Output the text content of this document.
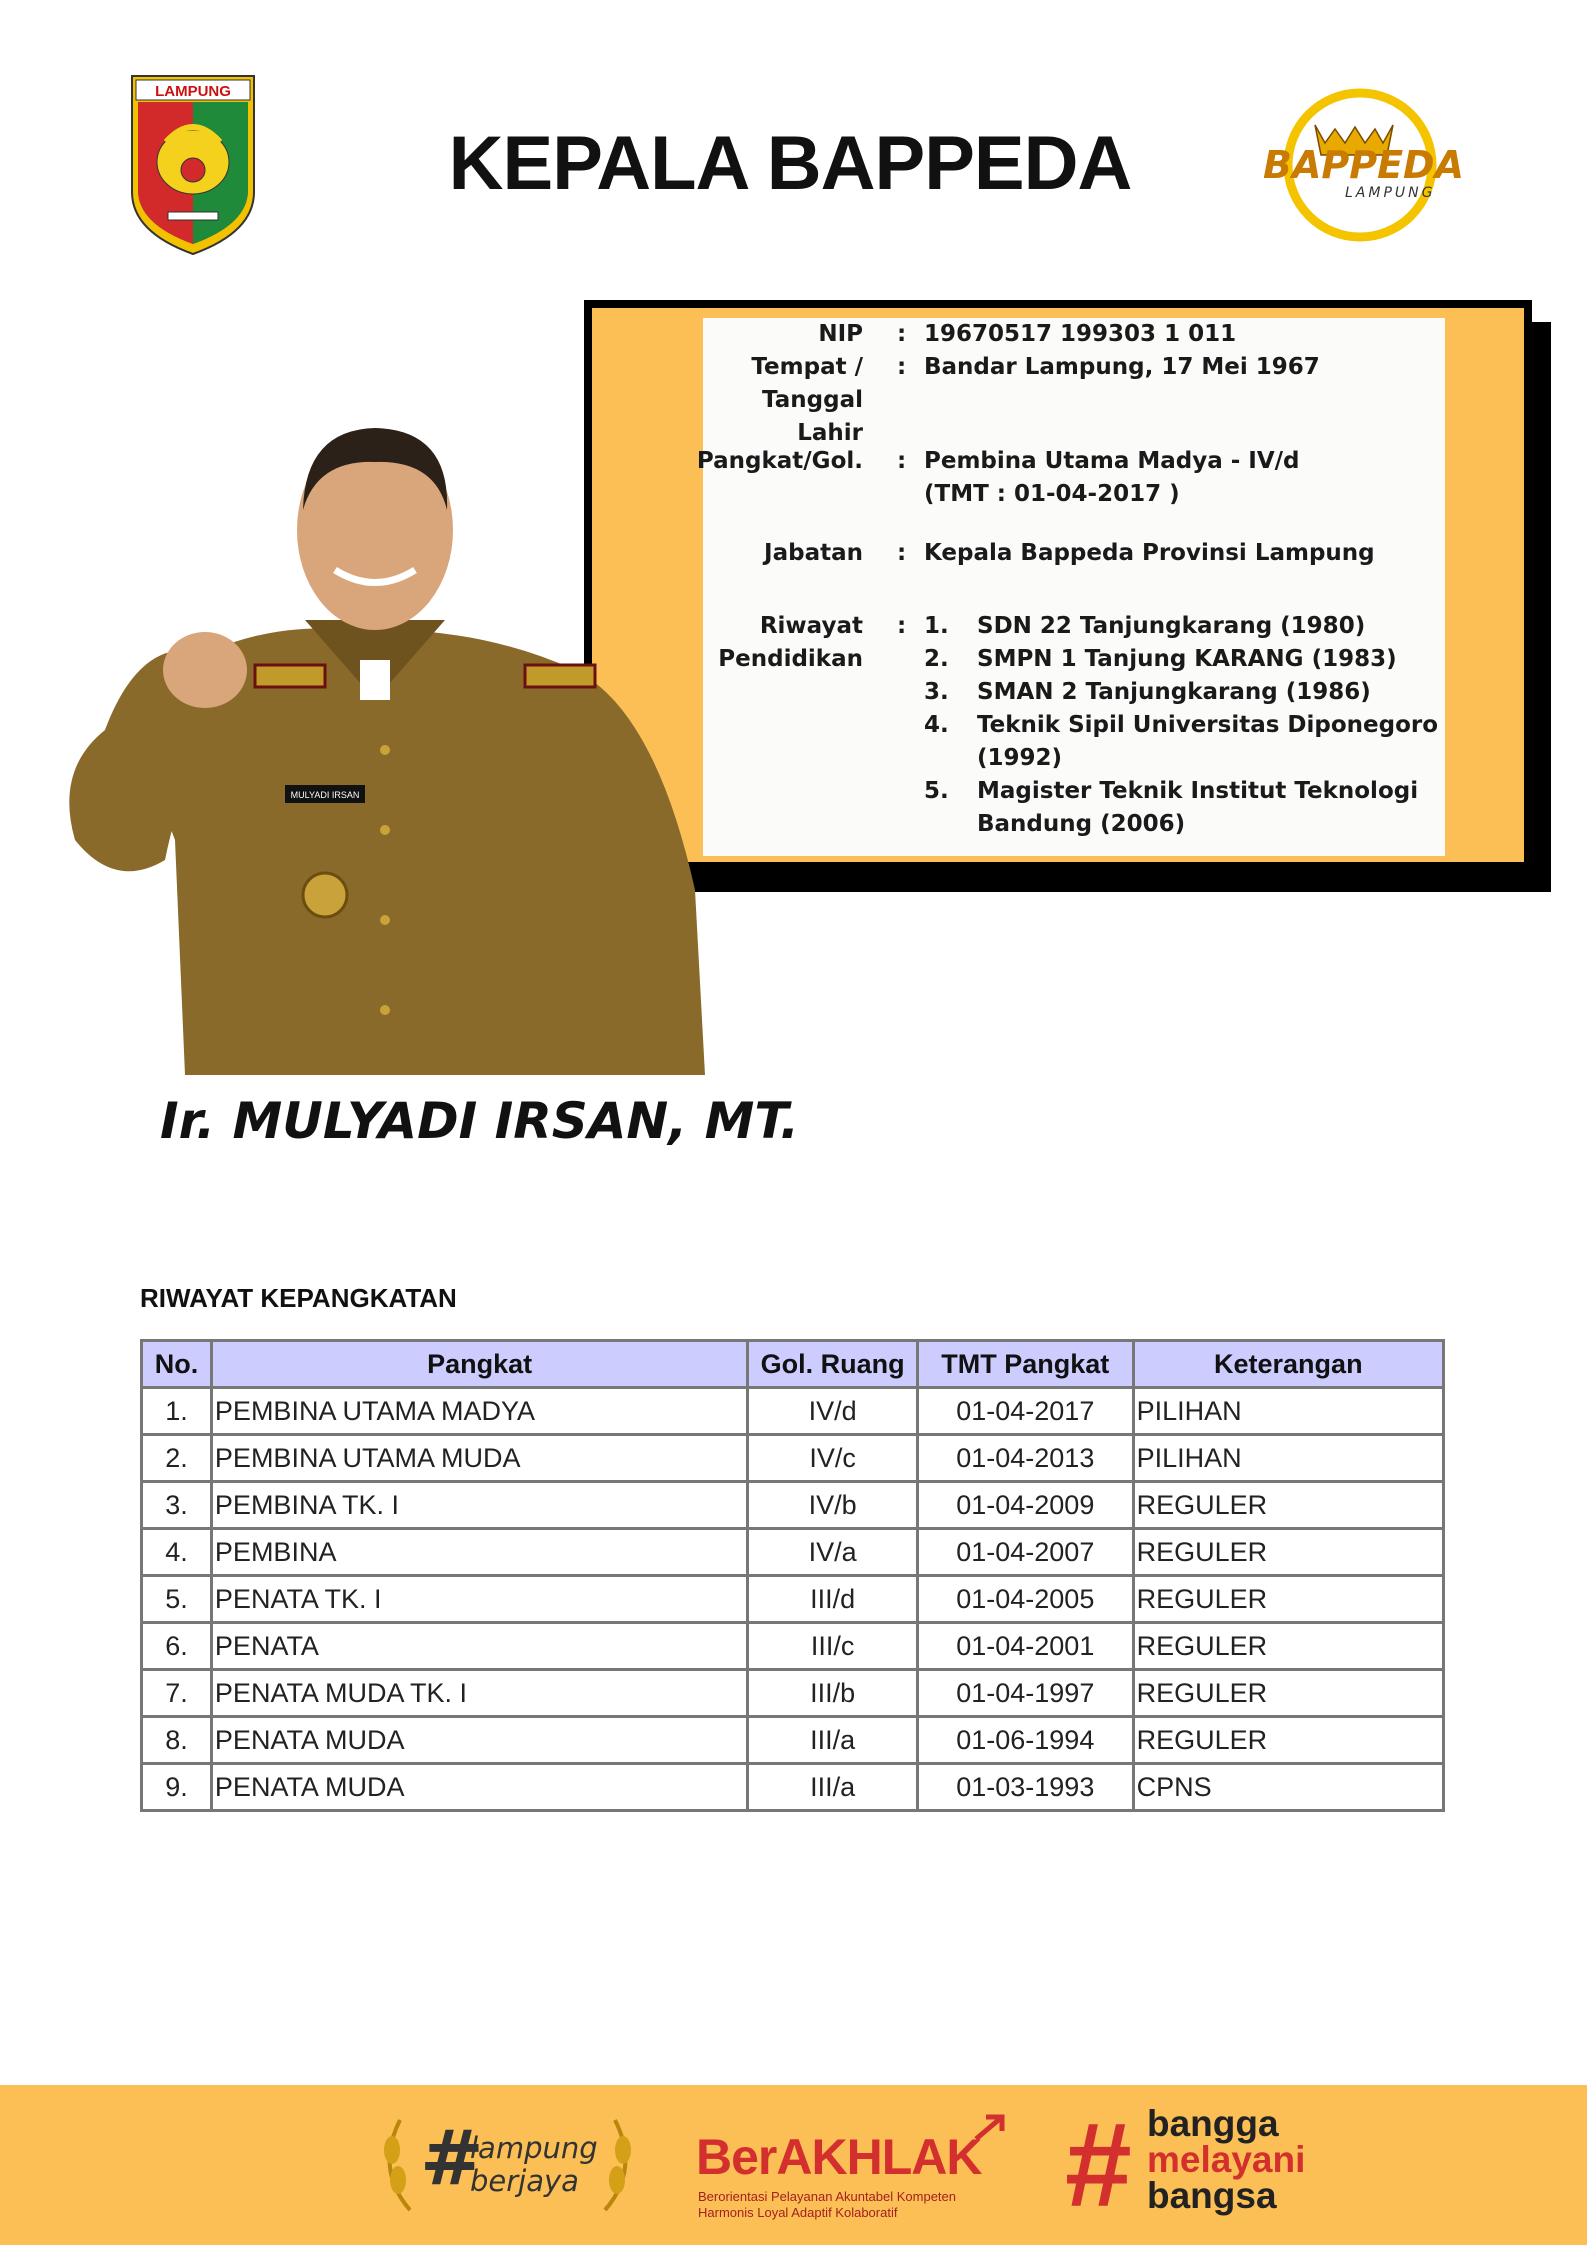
LAMPUNG
KEPALA BAPPEDA	BAPPEDA
LAMPUNG
NIP : 19670517 199303 1 011
Tempat /
Tanggal Lahir
: Bandar Lampung, 17 Mei 1967
Pangkat/Gol. : Pembina Utama Madya - IV/d
(TMT : 01-04-2017 )
Jabatan : Kepala Bappeda Provinsi Lampung
Riwayat
Pendidikan
: 1. SDN 22 Tanjungkarang (1980)
2. SMPN 1 Tanjung KARANG (1983)
3. SMAN 2 Tanjungkarang (1986)
4. Teknik Sipil Universitas Diponegoro (1992)
5. Magister Teknik Institut Teknologi Bandung (2006)
MULYADI IRSAN
Ir. MULYADI IRSAN, MT.
RIWAYAT KEPANGKATAN
No.	Pangkat	Gol. Ruang	TMT Pangkat	Keterangan
1.	PEMBINA UTAMA MADYA	IV/d	01-04-2017	PILIHAN
2.	PEMBINA UTAMA MUDA	IV/c	01-04-2013	PILIHAN
3.	PEMBINA TK. I	IV/b	01-04-2009	REGULER
4.	PEMBINA	IV/a	01-04-2007	REGULER
5.	PENATA TK. I	III/d	01-04-2005	REGULER
6.	PENATA	III/c	01-04-2001	REGULER
7.	PENATA MUDA TK. I	III/b	01-04-1997	REGULER
8.	PENATA MUDA	III/a	01-06-1994	REGULER
9.	PENATA MUDA	III/a	01-03-1993	CPNS
#
lampung
berjaya BerAKHLAK
Berorientasi Pelayanan Akuntabel Kompeten
Harmonis Loyal Adaptif Kolaboratif # bangga
melayani
bangsa
